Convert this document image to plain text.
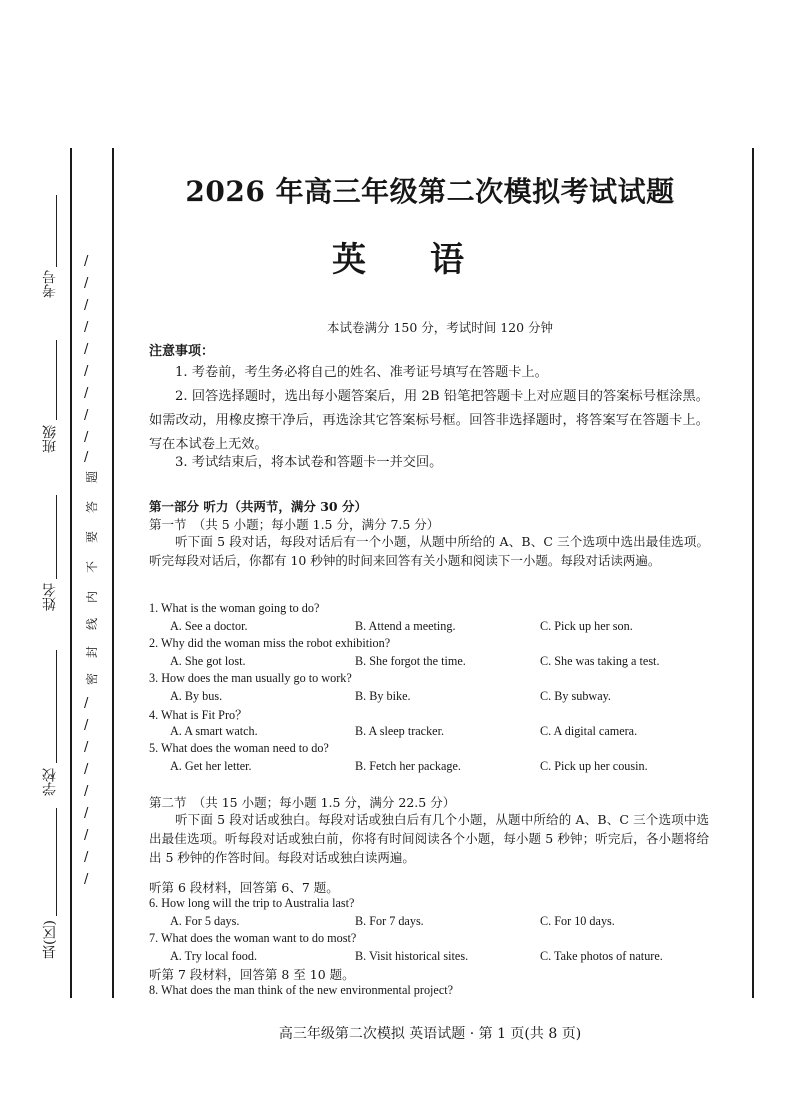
考号
班级
姓名
学校
县(区)
/
/
/
/
/
/
/
/
/
/
题
答
要
不
内
线
封
密
/
/
/
/
/
/
/
/
/
2026 年高三年级第二次模拟考试试题
英语
本试卷满分 150 分，考试时间 120 分钟
注意事项：
1. 考卷前，考生务必将自己的姓名、准考证号填写在答题卡上。
2. 回答选择题时，选出每小题答案后，用 2B 铅笔把答题卡上对应题目的答案标号框涂黑。如需改动，用橡皮擦干净后，再选涂其它答案标号框。回答非选择题时，将答案写在答题卡上。写在本试卷上无效。
3. 考试结束后，将本试卷和答题卡一并交回。
第一部分 听力（共两节，满分 30 分）
第一节　（共 5 小题；每小题 1.5 分，满分 7.5 分）
听下面 5 段对话，每段对话后有一个小题，从题中所给的 A、B、C 三个选项中选出最佳选项。听完每段对话后，你都有 10 秒钟的时间来回答有关小题和阅读下一小题。每段对话读两遍。
1. What is the woman going to do?
A. See a doctor.	B. Attend a meeting.	C. Pick up her son.
2. Why did the woman miss the robot exhibition?
A. She got lost.	B. She forgot the time.	C. She was taking a test.
3. How does the man usually go to work?
A. By bus.	B. By bike.	C. By subway.
4. What is Fit Pro？
A. A smart watch.	B. A sleep tracker.	C. A digital camera.
5. What does the woman need to do?
A. Get her letter.	B. Fetch her package.	C. Pick up her cousin.
第二节　（共 15 小题；每小题 1.5 分，满分 22.5 分）
听下面 5 段对话或独白。每段对话或独白后有几个小题，从题中所给的 A、B、C 三个选项中选出最佳选项。听每段对话或独白前，你将有时间阅读各个小题，每小题 5 秒钟；听完后，各小题将给出 5 秒钟的作答时间。每段对话或独白读两遍。
听第 6 段材料，回答第 6、7 题。
6. How long will the trip to Australia last?
A. For 5 days.	B. For 7 days.	C. For 10 days.
7. What does the woman want to do most?
A. Try local food.	B. Visit historical sites.	C. Take photos of nature.
听第 7 段材料，回答第 8 至 10 题。
8. What does the man think of the new environmental project?
高三年级第二次模拟 英语试题 · 第 1 页(共 8 页)
